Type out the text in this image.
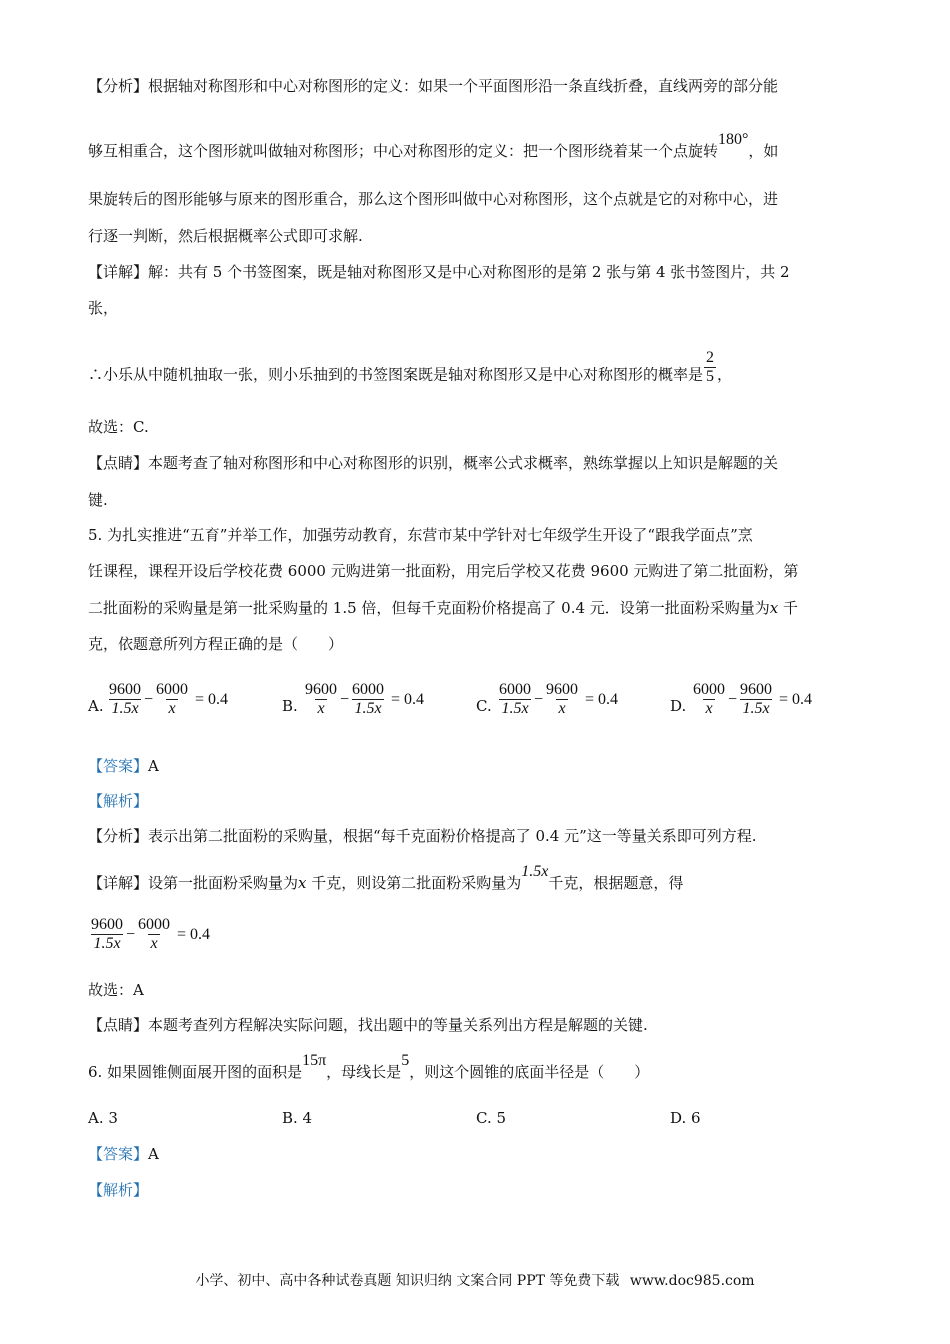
【分析】根据轴对称图形和中心对称图形的定义：如果一个平面图形沿一条直线折叠，直线两旁的部分能
够互相重合，这个图形就叫做轴对称图形；中心对称图形的定义：把一个图形绕着某一个点旋转180°，如
果旋转后的图形能够与原来的图形重合，那么这个图形叫做中心对称图形，这个点就是它的对称中心，进
行逐一判断，然后根据概率公式即可求解.
【详解】解：共有 5 个书签图案，既是轴对称图形又是中心对称图形的是第 2 张与第 4 张书签图片，共 2
张，
∴小乐从中随机抽取一张，则小乐抽到的书签图案既是轴对称图形又是中心对称图形的概率是 $\frac{2}{5}$ ，
故选：C.
【点睛】本题考查了轴对称图形和中心对称图形的识别，概率公式求概率，熟练掌握以上知识是解题的关
键.
5. 为扎实推进“五育”并举工作，加强劳动教育，东营市某中学针对七年级学生开设了“跟我学面点”烹
饪课程，课程开设后学校花费 6000 元购进第一批面粉，用完后学校又花费 9600 元购进了第二批面粉，第
二批面粉的采购量是第一批采购量的 1.5 倍，但每千克面粉价格提高了 0.4 元．设第一批面粉采购量为x 千
克，依题意所列方程正确的是（　　）
A. $\frac{9600}{1.5x} - \frac{6000}{x} = 0.4$	B. $\frac{9600}{x} - \frac{6000}{1.5x} = 0.4$	C. $\frac{6000}{1.5x} - \frac{9600}{x} = 0.4$	D. $\frac{6000}{x} - \frac{9600}{1.5x} = 0.4$
【答案】A
【解析】
【分析】表示出第二批面粉的采购量，根据“每千克面粉价格提高了 0.4 元”这一等量关系即可列方程.
【详解】设第一批面粉采购量为x 千克，则设第二批面粉采购量为1.5x千克，根据题意，得
$\frac{9600}{1.5x} - \frac{6000}{x} = 0.4$
故选：A
【点睛】本题考查列方程解决实际问题，找出题中的等量关系列出方程是解题的关键.
6. 如果圆锥侧面展开图的面积是15π，母线长是5，则这个圆锥的底面半径是（　　）
A. 3	B. 4	C. 5	D. 6
【答案】A
【解析】
小学、初中、高中各种试卷真题 知识归纳 文案合同 PPT 等免费下载 www.doc985.com
